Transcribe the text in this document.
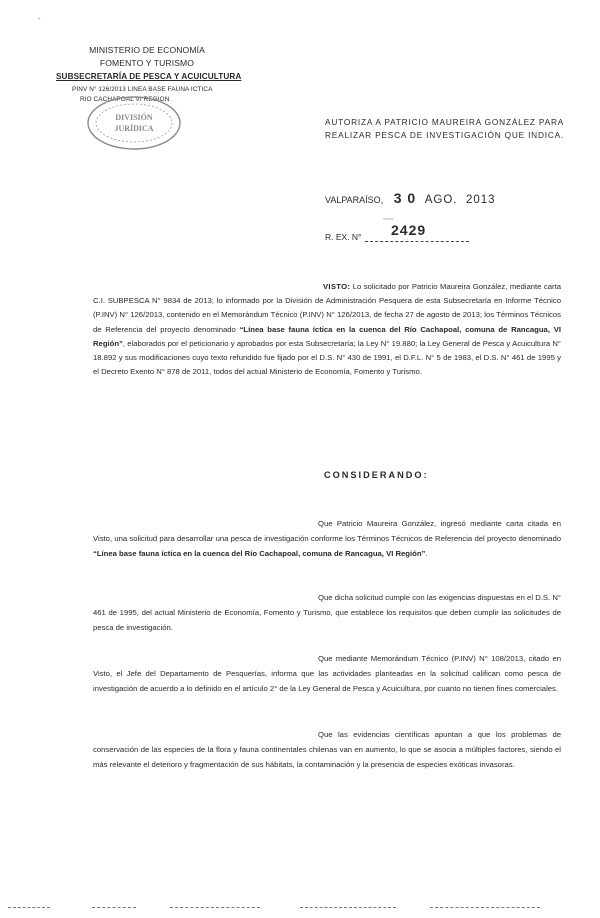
-
MINISTERIO DE ECONOMÍA
FOMENTO Y TURISMO
SUBSECRETARÍA DE PESCA Y ACUICULTURA
PINV N° 126/2013 LINEA BASE FAUNA ICTICA
RIO CACHAPOAL VI REGION
DIVISIÓN
JURÍDICA
AUTORIZA A PATRICIO MAUREIRA GONZÁLEZ PARA REALIZAR PESCA DE INVESTIGACIÓN QUE INDICA.
VALPARAÍSO, 3 0 AGO. 2013
~~~
R. EX. N° 2429
VISTO: Lo solicitado por Patricio Maureira González, mediante carta C.I. SUBPESCA N° 9834 de 2013; lo informado por la División de Administración Pesquera de esta Subsecretaría en Informe Técnico (P.INV) N° 126/2013, contenido en el Memorándum Técnico (P.INV) N° 126/2013, de fecha 27 de agosto de 2013; los Términos Técnicos de Referencia del proyecto denominado “Línea base fauna íctica en la cuenca del Río Cachapoal, comuna de Rancagua, VI Región”, elaborados por el peticionario y aprobados por esta Subsecretaría; la Ley N° 19.880; la Ley General de Pesca y Acuicultura N° 18.892 y sus modificaciones cuyo texto refundido fue fijado por el D.S. N° 430 de 1991, el D.F.L. N° 5 de 1983, el D.S. N° 461 de 1995 y el Decreto Exento N° 878 de 2011, todos del actual Ministerio de Economía, Fomento y Turismo.
CONSIDERANDO:
Que Patricio Maureira González, ingresó mediante carta citada en Visto, una solicitud para desarrollar una pesca de investigación conforme los Términos Técnicos de Referencia del proyecto denominado “Línea base fauna íctica en la cuenca del Río Cachapoal, comuna de Rancagua, VI Región”.
Que dicha solicitud cumple con las exigencias dispuestas en el D.S. N° 461 de 1995, del actual Ministerio de Economía, Fomento y Turismo, que establece los requisitos que deben cumplir las solicitudes de pesca de investigación.
Que mediante Memorándum Técnico (P.INV) N° 108/2013, citado en Visto, el Jefe del Departamento de Pesquerías, informa que las actividades planteadas en la solicitud califican como pesca de investigación de acuerdo a lo definido en el artículo 2° de la Ley General de Pesca y Acuicultura, por cuanto no tienen fines comerciales.
Que las evidencias científicas apuntan a que los problemas de conservación de las especies de la flora y fauna continentales chilenas van en aumento, lo que se asocia a múltiples factores, siendo el más relevante el deterioro y fragmentación de sus hábitats, la contaminación y la presencia de especies exóticas invasoras.
